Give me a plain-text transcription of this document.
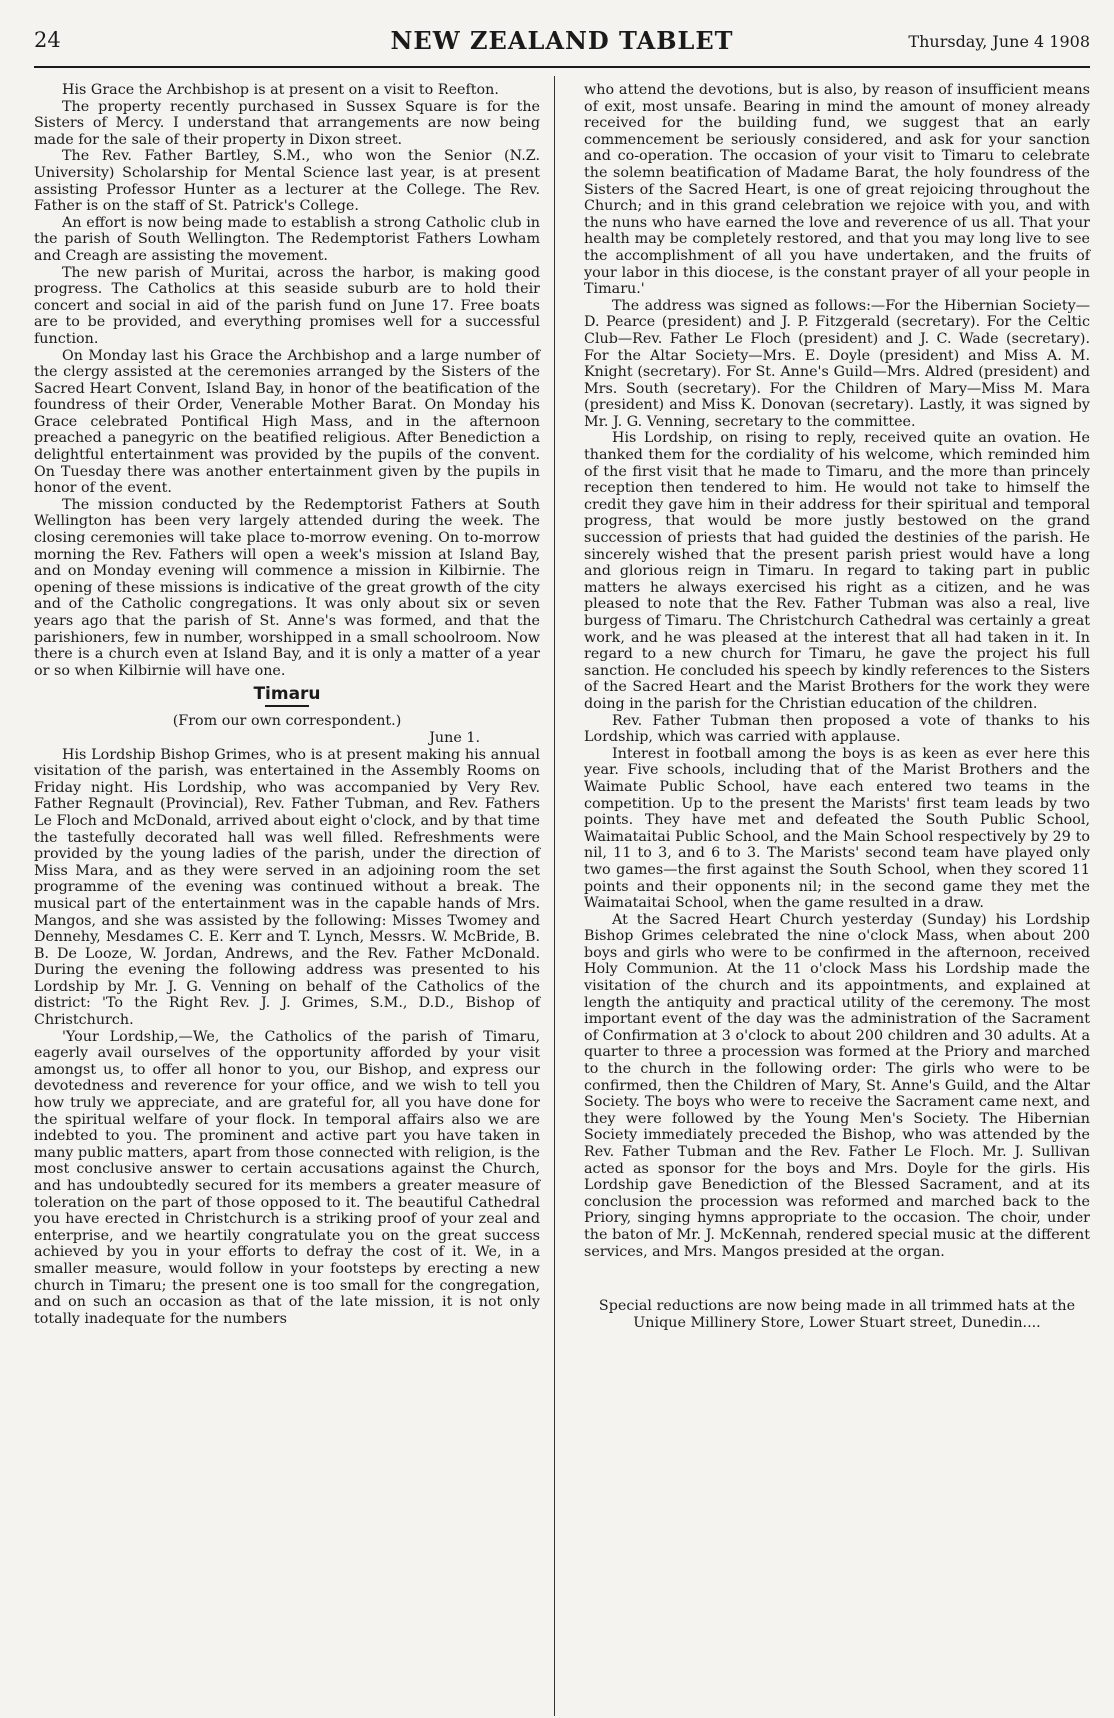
24	NEW ZEALAND TABLET	Thursday, June 4 1908

His Grace the Archbishop is at present on a visit to Reefton.

The property recently purchased in Sussex Square is for the Sisters of Mercy. I understand that arrangements are now being made for the sale of their property in Dixon street.

The Rev. Father Bartley, S.M., who won the Senior (N.Z. University) Scholarship for Mental Science last year, is at present assisting Professor Hunter as a lecturer at the College. The Rev. Father is on the staff of St. Patrick's College.

An effort is now being made to establish a strong Catholic club in the parish of South Wellington. The Redemptorist Fathers Lowham and Creagh are assisting the movement.

The new parish of Muritai, across the harbor, is making good progress. The Catholics at this seaside suburb are to hold their concert and social in aid of the parish fund on June 17. Free boats are to be provided, and everything promises well for a successful function.

On Monday last his Grace the Archbishop and a large number of the clergy assisted at the ceremonies arranged by the Sisters of the Sacred Heart Convent, Island Bay, in honor of the beatification of the foundress of their Order, Venerable Mother Barat. On Monday his Grace celebrated Pontifical High Mass, and in the afternoon preached a panegyric on the beatified religious. After Benediction a delightful entertainment was provided by the pupils of the convent. On Tuesday there was another entertainment given by the pupils in honor of the event.

The mission conducted by the Redemptorist Fathers at South Wellington has been very largely attended during the week. The closing ceremonies will take place to-morrow evening. On to-morrow morning the Rev. Fathers will open a week's mission at Island Bay, and on Monday evening will commence a mission in Kilbirnie. The opening of these missions is indicative of the great growth of the city and of the Catholic congregations. It was only about six or seven years ago that the parish of St. Anne's was formed, and that the parishioners, few in number, worshipped in a small schoolroom. Now there is a church even at Island Bay, and it is only a matter of a year or so when Kilbirnie will have one.

Timaru
(From our own correspondent.)
June 1.

His Lordship Bishop Grimes, who is at present making his annual visitation of the parish, was entertained in the Assembly Rooms on Friday night. His Lordship, who was accompanied by Very Rev. Father Regnault (Provincial), Rev. Father Tubman, and Rev. Fathers Le Floch and McDonald, arrived about eight o'clock, and by that time the tastefully decorated hall was well filled. Refreshments were provided by the young ladies of the parish, under the direction of Miss Mara, and as they were served in an adjoining room the set programme of the evening was continued without a break. The musical part of the entertainment was in the capable hands of Mrs. Mangos, and she was assisted by the following: Misses Twomey and Dennehy, Mesdames C. E. Kerr and T. Lynch, Messrs. W. McBride, B. B. De Looze, W. Jordan, Andrews, and the Rev. Father McDonald. During the evening the following address was presented to his Lordship by Mr. J. G. Venning on behalf of the Catholics of the district: 'To the Right Rev. J. J. Grimes, S.M., D.D., Bishop of Christchurch.

'Your Lordship,—We, the Catholics of the parish of Timaru, eagerly avail ourselves of the opportunity afforded by your visit amongst us, to offer all honor to you, our Bishop, and express our devotedness and reverence for your office, and we wish to tell you how truly we appreciate, and are grateful for, all you have done for the spiritual welfare of your flock. In temporal affairs also we are indebted to you. The prominent and active part you have taken in many public matters, apart from those connected with religion, is the most conclusive answer to certain accusations against the Church, and has undoubtedly secured for its members a greater measure of toleration on the part of those opposed to it. The beautiful Cathedral you have erected in Christchurch is a striking proof of your zeal and enterprise, and we heartily congratulate you on the great success achieved by you in your efforts to defray the cost of it. We, in a smaller measure, would follow in your footsteps by erecting a new church in Timaru; the present one is too small for the congregation, and on such an occasion as that of the late mission, it is not only totally inadequate for the numbers

who attend the devotions, but is also, by reason of insufficient means of exit, most unsafe. Bearing in mind the amount of money already received for the building fund, we suggest that an early commencement be seriously considered, and ask for your sanction and co-operation. The occasion of your visit to Timaru to celebrate the solemn beatification of Madame Barat, the holy foundress of the Sisters of the Sacred Heart, is one of great rejoicing throughout the Church; and in this grand celebration we rejoice with you, and with the nuns who have earned the love and reverence of us all. That your health may be completely restored, and that you may long live to see the accomplishment of all you have undertaken, and the fruits of your labor in this diocese, is the constant prayer of all your people in Timaru.'

The address was signed as follows:—For the Hibernian Society—D. Pearce (president) and J. P. Fitzgerald (secretary). For the Celtic Club—Rev. Father Le Floch (president) and J. C. Wade (secretary). For the Altar Society—Mrs. E. Doyle (president) and Miss A. M. Knight (secretary). For St. Anne's Guild—Mrs. Aldred (president) and Mrs. South (secretary). For the Children of Mary—Miss M. Mara (president) and Miss K. Donovan (secretary). Lastly, it was signed by Mr. J. G. Venning, secretary to the committee.

His Lordship, on rising to reply, received quite an ovation. He thanked them for the cordiality of his welcome, which reminded him of the first visit that he made to Timaru, and the more than princely reception then tendered to him. He would not take to himself the credit they gave him in their address for their spiritual and temporal progress, that would be more justly bestowed on the grand succession of priests that had guided the destinies of the parish. He sincerely wished that the present parish priest would have a long and glorious reign in Timaru. In regard to taking part in public matters he always exercised his right as a citizen, and he was pleased to note that the Rev. Father Tubman was also a real, live burgess of Timaru. The Christchurch Cathedral was certainly a great work, and he was pleased at the interest that all had taken in it. In regard to a new church for Timaru, he gave the project his full sanction. He concluded his speech by kindly references to the Sisters of the Sacred Heart and the Marist Brothers for the work they were doing in the parish for the Christian education of the children.

Rev. Father Tubman then proposed a vote of thanks to his Lordship, which was carried with applause.

Interest in football among the boys is as keen as ever here this year. Five schools, including that of the Marist Brothers and the Waimate Public School, have each entered two teams in the competition. Up to the present the Marists' first team leads by two points. They have met and defeated the South Public School, Waimataitai Public School, and the Main School respectively by 29 to nil, 11 to 3, and 6 to 3. The Marists' second team have played only two games—the first against the South School, when they scored 11 points and their opponents nil; in the second game they met the Waimataitai School, when the game resulted in a draw.

At the Sacred Heart Church yesterday (Sunday) his Lordship Bishop Grimes celebrated the nine o'clock Mass, when about 200 boys and girls who were to be confirmed in the afternoon, received Holy Communion. At the 11 o'clock Mass his Lordship made the visitation of the church and its appointments, and explained at length the antiquity and practical utility of the ceremony. The most important event of the day was the administration of the Sacrament of Confirmation at 3 o'clock to about 200 children and 30 adults. At a quarter to three a procession was formed at the Priory and marched to the church in the following order: The girls who were to be confirmed, then the Children of Mary, St. Anne's Guild, and the Altar Society. The boys who were to receive the Sacrament came next, and they were followed by the Young Men's Society. The Hibernian Society immediately preceded the Bishop, who was attended by the Rev. Father Tubman and the Rev. Father Le Floch. Mr. J. Sullivan acted as sponsor for the boys and Mrs. Doyle for the girls. His Lordship gave Benediction of the Blessed Sacrament, and at its conclusion the procession was reformed and marched back to the Priory, singing hymns appropriate to the occasion. The choir, under the baton of Mr. J. McKennah, rendered special music at the different services, and Mrs. Mangos presided at the organ.

Special reductions are now being made in all trimmed hats at the Unique Millinery Store, Lower Stuart street, Dunedin....
